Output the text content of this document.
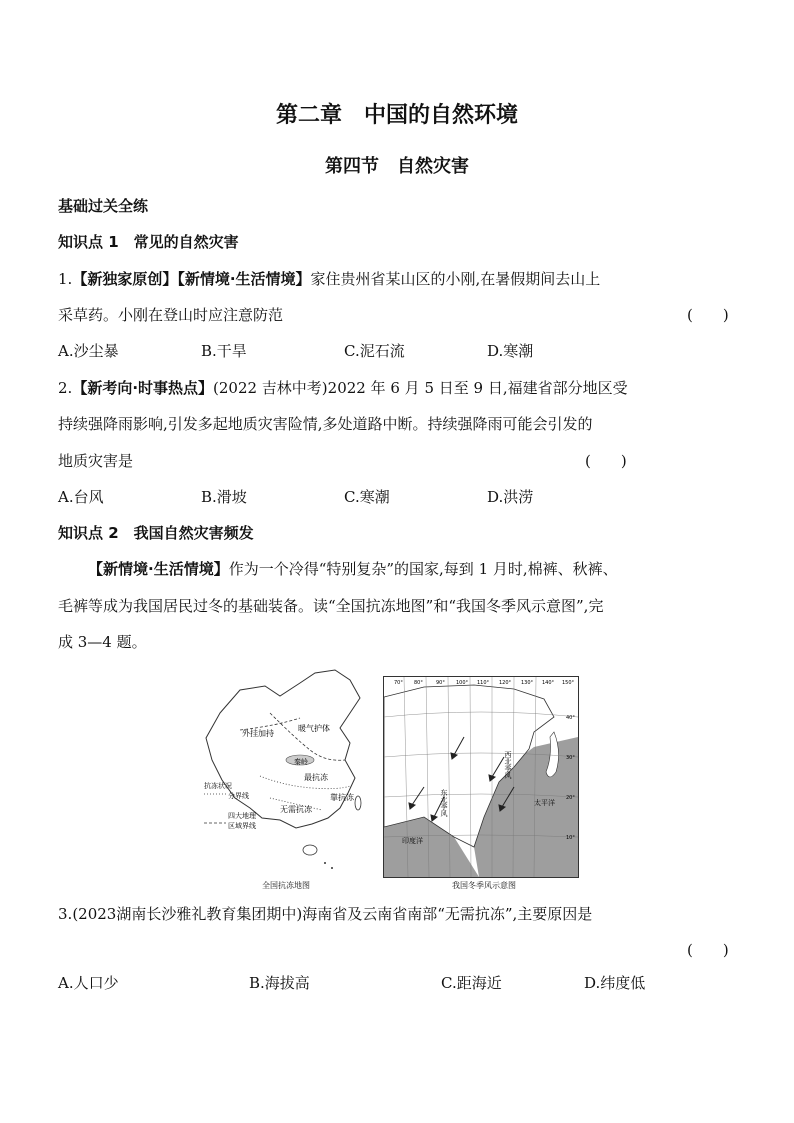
第二章　中国的自然环境
第四节　自然灾害
基础过关全练
知识点 1　常见的自然灾害
1.【新独家原创】【新情境·生活情境】家住贵州省某山区的小刚,在暑假期间去山上
采草药。小刚在登山时应注意防范	(　　)
A.沙尘暴	B.干旱	C.泥石流	D.寒潮
2.【新考向·时事热点】(2022 吉林中考)2022 年 6 月 5 日至 9 日,福建省部分地区受
持续强降雨影响,引发多起地质灾害险情,多处道路中断。持续强降雨可能会引发的
地质灾害是	(　　)
A.台风	B.滑坡	C.寒潮	D.洪涝
知识点 2　我国自然灾害频发
【新情境·生活情境】作为一个冷得“特别复杂”的国家,每到 1 月时,棉裤、秋裤、
毛裤等成为我国居民过冬的基础装备。读“全国抗冻地图”和“我国冬季风示意图”,完
成 3—4 题。
外挂加持
暖气护体
秦岭
最抗冻
无需抗冻
靠抗冻
抗冻状况
分界线
四大地理
区域界线
全国抗冻地图
70° 80°	90° 100° 110° 120° 130° 140° 150°
40°
30°
20°
10°
西北季风
东北季风	太平洋
印度洋
我国冬季风示意图
3.(2023湖南长沙雅礼教育集团期中)海南省及云南省南部“无需抗冻”,主要原因是
(　　)
A.人口少	B.海拔高	C.距海近	D.纬度低
